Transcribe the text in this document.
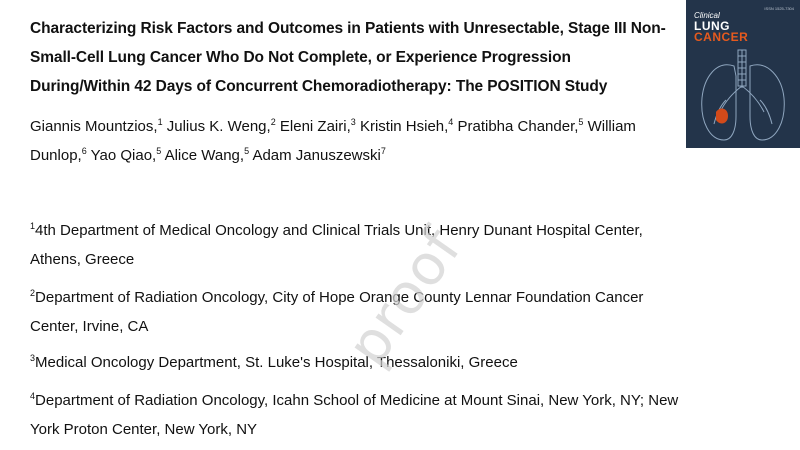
Characterizing Risk Factors and Outcomes in Patients with Unresectable, Stage III Non-Small-Cell Lung Cancer Who Do Not Complete, or Experience Progression During/Within 42 Days of Concurrent Chemoradiotherapy: The POSITION Study

Giannis Mountzios,$^1$ Julius K. Weng,$^2$ Eleni Zairi,$^3$ Kristin Hsieh,$^4$ Pratibha Chander,$^5$ William Dunlop,$^6$ Yao Qiao,$^5$ Alice Wang,$^5$ Adam Januszewski$^7$

$^1$4th Department of Medical Oncology and Clinical Trials Unit, Henry Dunant Hospital Center, Athens, Greece

$^2$Department of Radiation Oncology, City of Hope Orange County Lennar Foundation Cancer Center, Irvine, CA

$^3$Medical Oncology Department, St. Luke's Hospital, Thessaloniki, Greece

$^4$Department of Radiation Oncology, Icahn School of Medicine at Mount Sinai, New York, NY; New York Proton Center, New York, NY

proof
Clinical
LUNG
CANCER
ISSN 1525-7304
